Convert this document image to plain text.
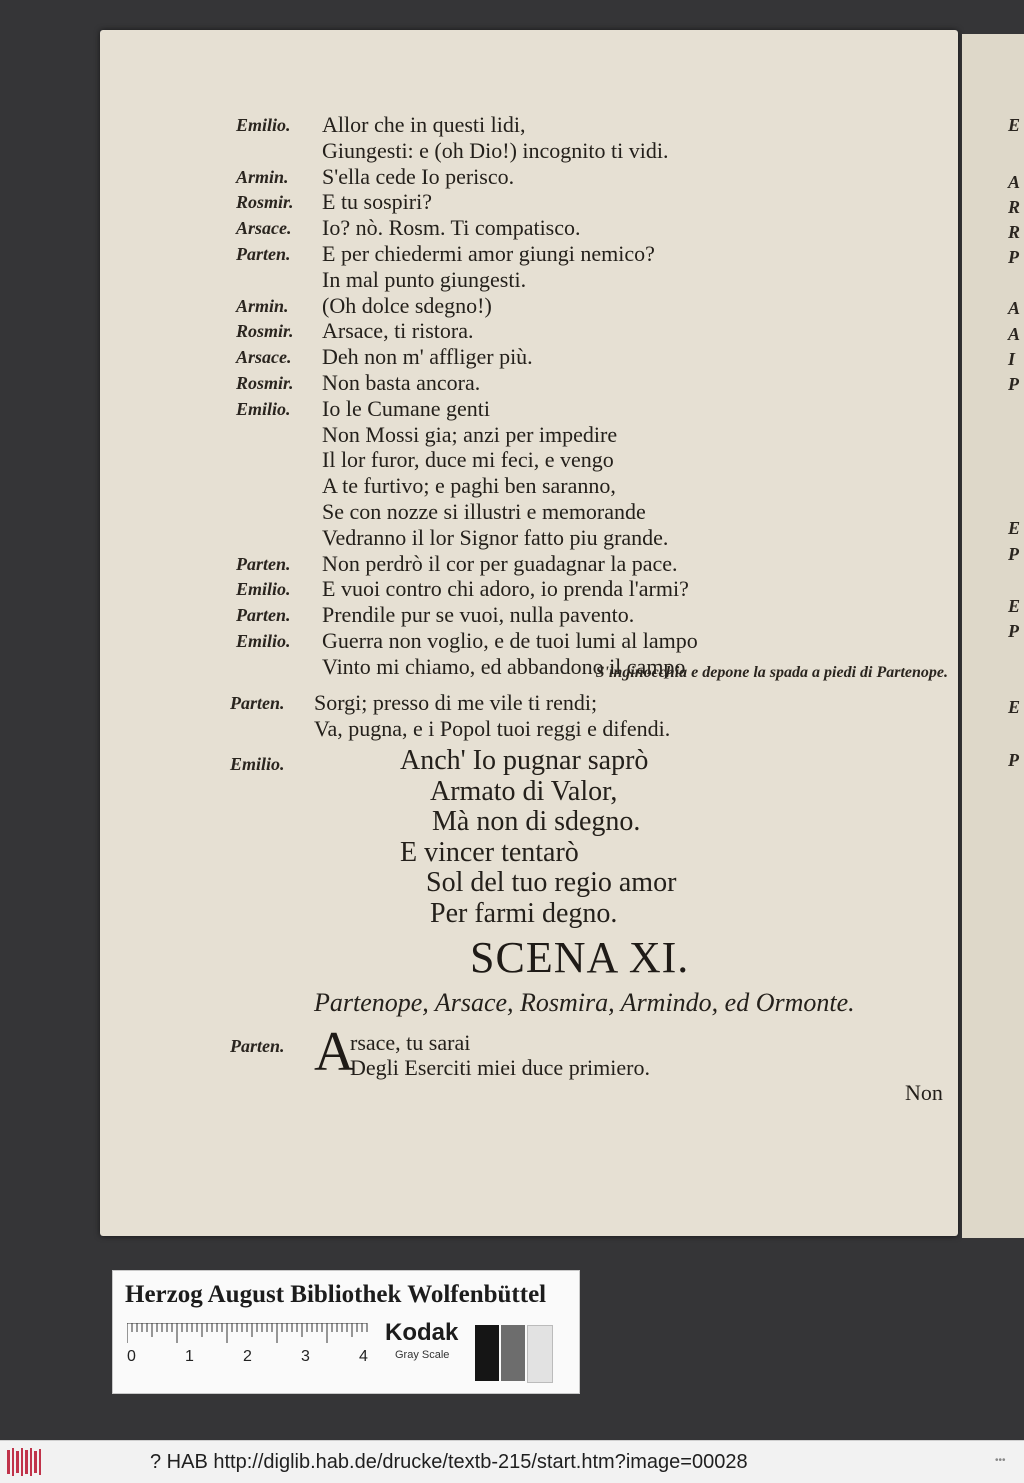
Emilio. Allor che in questi lidi,
Giungesti: e (oh Dio!) incognito ti vidi.
Armin. S'ella cede Io perisco.
Rosmir. E tu sospiri?
Arsace. Io? nò. Rosm. Ti compatisco.
Parten. E per chiedermi amor giungi nemico?
In mal punto giungesti.
Armin. (Oh dolce sdegno!)
Rosmir. Arsace, ti ristora.
Arsace. Deh non m' affliger più.
Rosmir. Non basta ancora.
Emilio. Io le Cumane genti
Non Mossi gia; anzi per impedire
Il lor furor, duce mi feci, e vengo
A te furtivo; e paghi ben saranno,
Se con nozze si illustri e memorande
Vedranno il lor Signor fatto piu grande.
Parten. Non perdrò il cor per guadagnar la pace.
Emilio. E vuoi contro chi adoro, io prenda l'armi?
Parten. Prendile pur se vuoi, nulla pavento.
Emilio. Guerra non voglio, e de tuoi lumi al lampo
Vinto mi chiamo, ed abbandono il campo
S'inginocchia e depone la spada a piedi di Partenope.
Parten. Sorgi; presso di me vile ti rendi;
Va, pugna, e i Popol tuoi reggi e difendi.
Emilio.	Anch' Io pugnar saprò
Armato di Valor,
Mà non di sdegno.
E vincer tentarò
Sol del tuo regio amor
Per farmi degno.
Parten.	rsace, tu sarai
Degli Eserciti miei duce primiero.
SCENA XI.
Partenope, Arsace, Rosmira, Armindo, ed Ormonte.
A
Non
E
A
R
R
P
A
A
I
P
E
P
E
P
E
P
Herzog August Bibliothek Wolfenbüttel
0	1	2	3	4
Kodak
Gray Scale
? HAB http://diglib.hab.de/drucke/textb-215/start.htm?image=00028	•••
